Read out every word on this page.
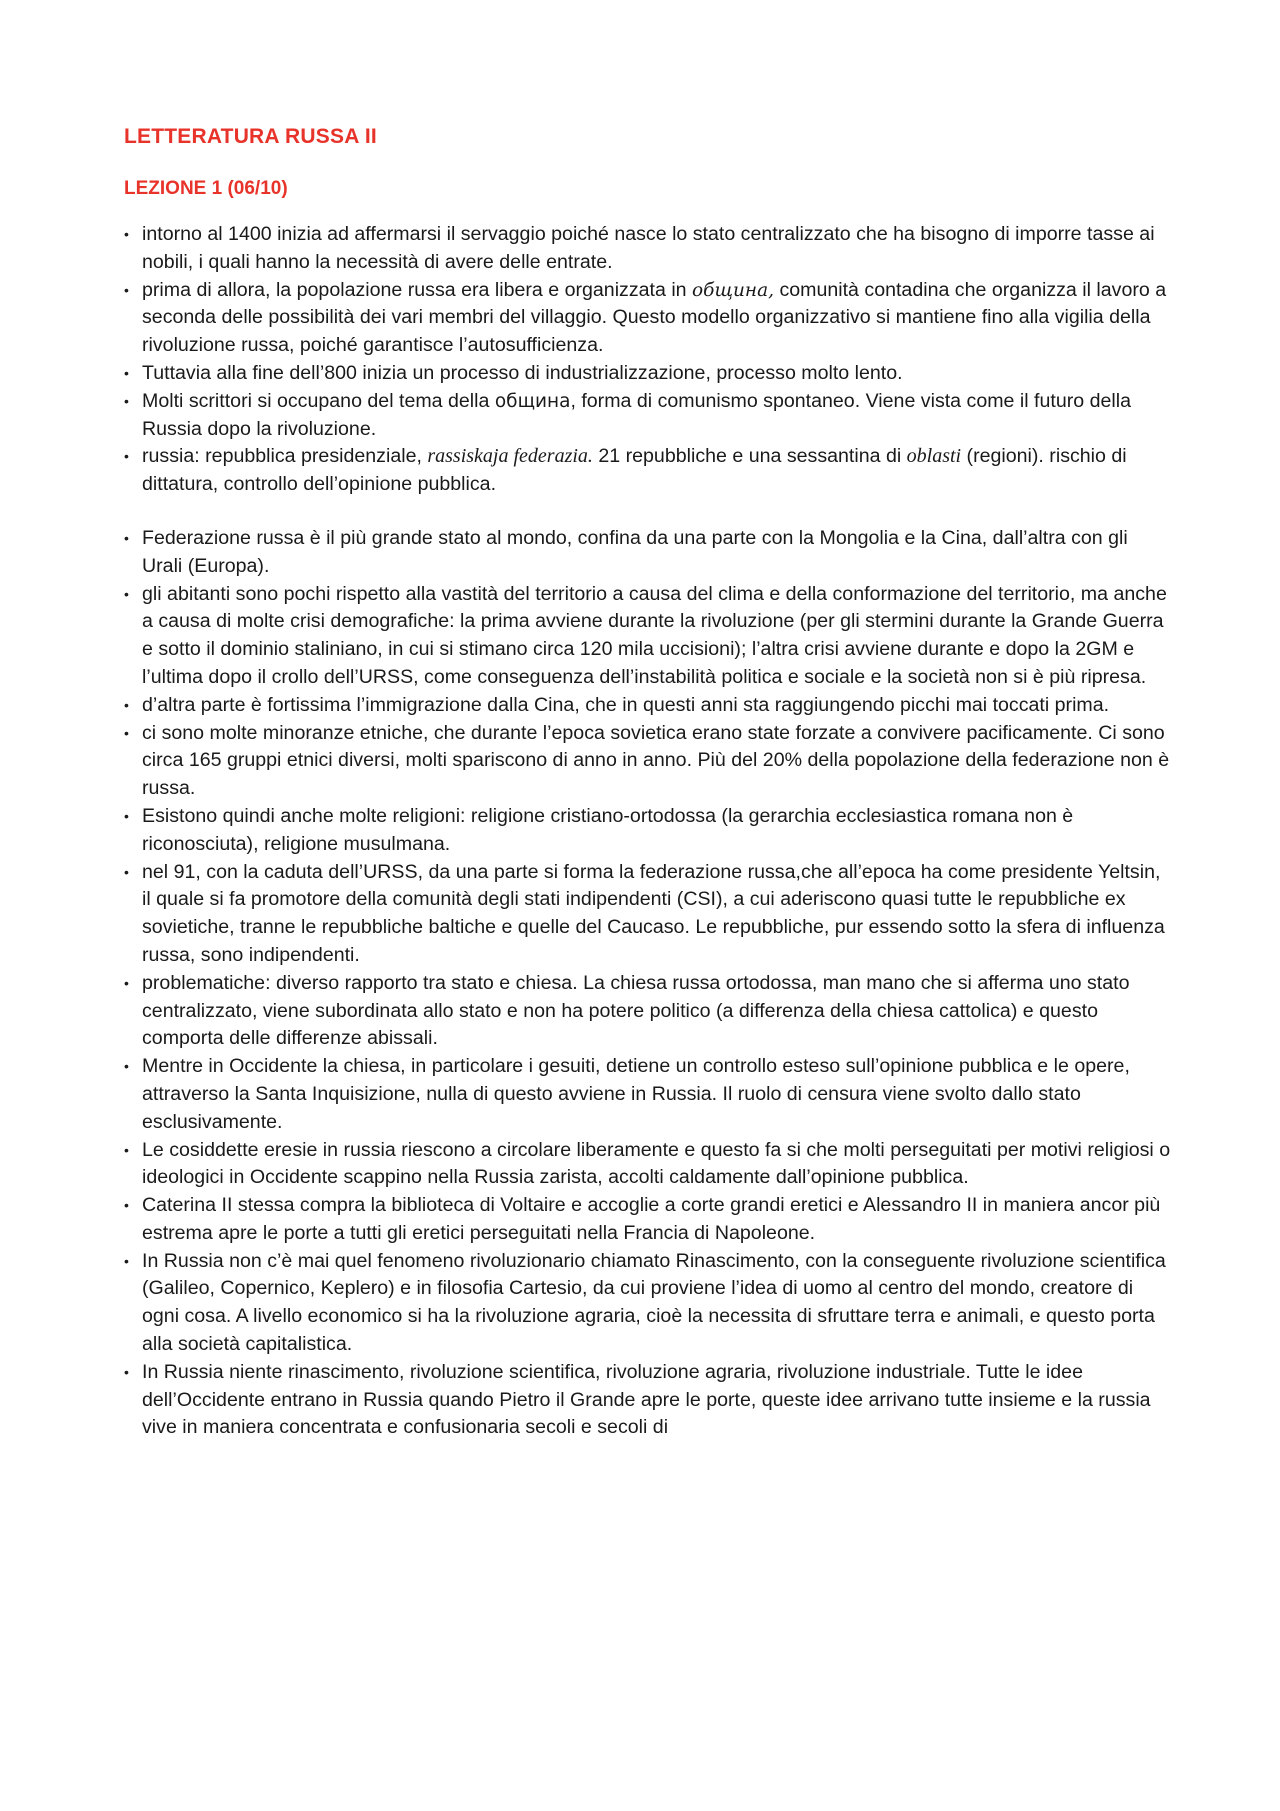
LETTERATURA RUSSA II
LEZIONE 1 (06/10)
• intorno al 1400 inizia ad affermarsi il servaggio poiché nasce lo stato centralizzato che ha bisogno di imporre tasse ai nobili, i quali hanno la necessità di avere delle entrate.
• prima di allora, la popolazione russa era libera e organizzata in община, comunità contadina che organizza il lavoro a seconda delle possibilità dei vari membri del villaggio. Questo modello organizzativo si mantiene fino alla vigilia della rivoluzione russa, poiché garantisce l’autosufficienza.
• Tuttavia alla fine dell’800 inizia un processo di industrializzazione, processo molto lento.
• Molti scrittori si occupano del tema della община, forma di comunismo spontaneo. Viene vista come il futuro della Russia dopo la rivoluzione.
• russia: repubblica presidenziale, rassiskaja federazia. 21 repubbliche e una sessantina di oblasti (regioni). rischio di dittatura, controllo dell’opinione pubblica.
• Federazione russa è il più grande stato al mondo, confina da una parte con la Mongolia e la Cina, dall’altra con gli Urali (Europa).
• gli abitanti sono pochi rispetto alla vastità del territorio a causa del clima e della conformazione del territorio, ma anche a causa di molte crisi demografiche: la prima avviene durante la rivoluzione (per gli stermini durante la Grande Guerra e sotto il dominio staliniano, in cui si stimano circa 120 mila uccisioni); l’altra crisi avviene durante e dopo la 2GM e l’ultima dopo il crollo dell’URSS, come conseguenza dell’instabilità politica e sociale e la società non si è più ripresa.
• d’altra parte è fortissima l’immigrazione dalla Cina, che in questi anni sta raggiungendo picchi mai toccati prima.
• ci sono molte minoranze etniche, che durante l’epoca sovietica erano state forzate a convivere pacificamente. Ci sono circa 165 gruppi etnici diversi, molti spariscono di anno in anno. Più del 20% della popolazione della federazione non è russa.
• Esistono quindi anche molte religioni: religione cristiano-ortodossa (la gerarchia ecclesiastica romana non è riconosciuta), religione musulmana.
• nel 91, con la caduta dell’URSS, da una parte si forma la federazione russa,che all’epoca ha come presidente Yeltsin, il quale si fa promotore della comunità degli stati indipendenti (CSI), a cui aderiscono quasi tutte le repubbliche ex sovietiche, tranne le repubbliche baltiche e quelle del Caucaso. Le repubbliche, pur essendo sotto la sfera di influenza russa, sono indipendenti.
• problematiche: diverso rapporto tra stato e chiesa. La chiesa russa ortodossa, man mano che si afferma uno stato centralizzato, viene subordinata allo stato e non ha potere politico (a differenza della chiesa cattolica) e questo comporta delle differenze abissali.
• Mentre in Occidente la chiesa, in particolare i gesuiti, detiene un controllo esteso sull’opinione pubblica e le opere, attraverso la Santa Inquisizione, nulla di questo avviene in Russia. Il ruolo di censura viene svolto dallo stato esclusivamente.
• Le cosiddette eresie in russia riescono a circolare liberamente e questo fa si che molti perseguitati per motivi religiosi o ideologici in Occidente scappino nella Russia zarista, accolti caldamente dall’opinione pubblica.
• Caterina II stessa compra la biblioteca di Voltaire e accoglie a corte grandi eretici e Alessandro II in maniera ancor più estrema apre le porte a tutti gli eretici perseguitati nella Francia di Napoleone.
• In Russia non c’è mai quel fenomeno rivoluzionario chiamato Rinascimento, con la conseguente rivoluzione scientifica (Galileo, Copernico, Keplero) e in filosofia Cartesio, da cui proviene l’idea di uomo al centro del mondo, creatore di ogni cosa. A livello economico si ha la rivoluzione agraria, cioè la necessita di sfruttare terra e animali, e questo porta alla società capitalistica.
• In Russia niente rinascimento, rivoluzione scientifica, rivoluzione agraria, rivoluzione industriale. Tutte le idee dell’Occidente entrano in Russia quando Pietro il Grande apre le porte, queste idee arrivano tutte insieme e la russia vive in maniera concentrata e confusionaria secoli e secoli di
